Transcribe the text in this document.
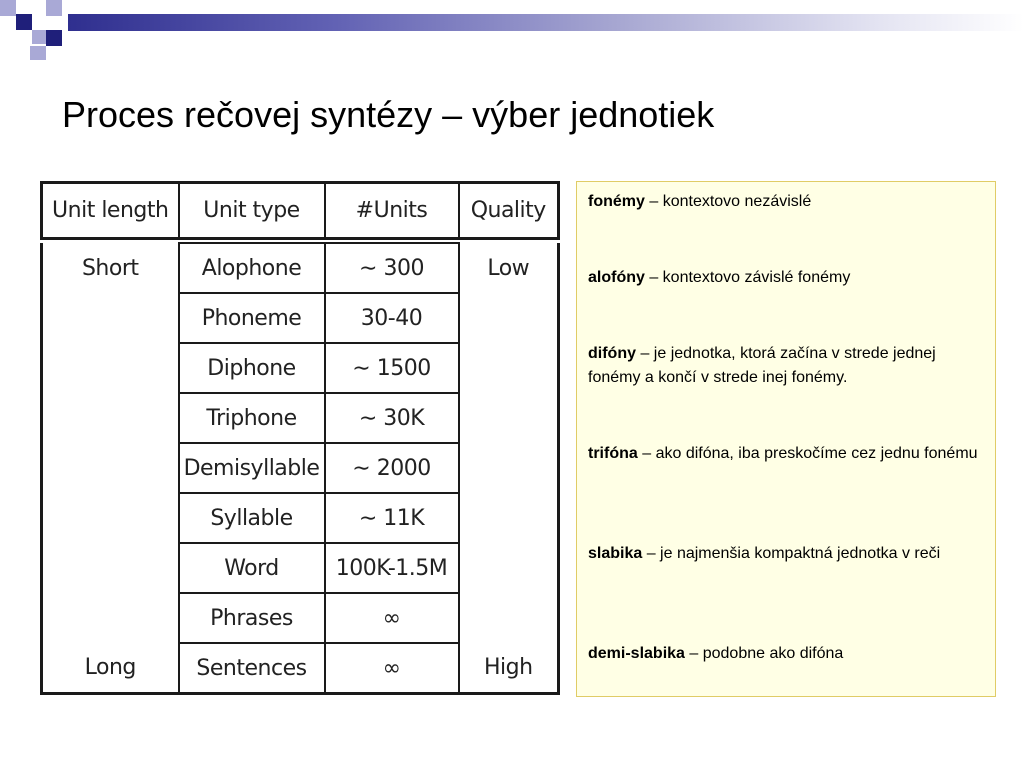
Proces rečovej syntézy – výber jednotiek
Unit length	Unit type	#Units	Quality
Short	Alophone	∼ 300	Low
	Phoneme	30-40	
	Diphone	∼ 1500	
	Triphone	∼ 30K	
	Demisyllable	∼ 2000	
	Syllable	∼ 11K	
	Word	100K-1.5M	
	Phrases	∞	
Long	Sentences	∞	High
fonémy – kontextovo nezávislé
alofóny – kontextovo závislé fonémy
difóny – je jednotka, ktorá začína v strede jednej fonémy a končí v strede inej fonémy.
trifóna – ako difóna, iba preskočíme cez jednu fonému
slabika – je najmenšia kompaktná jednotka v reči
demi-slabika – podobne ako difóna
